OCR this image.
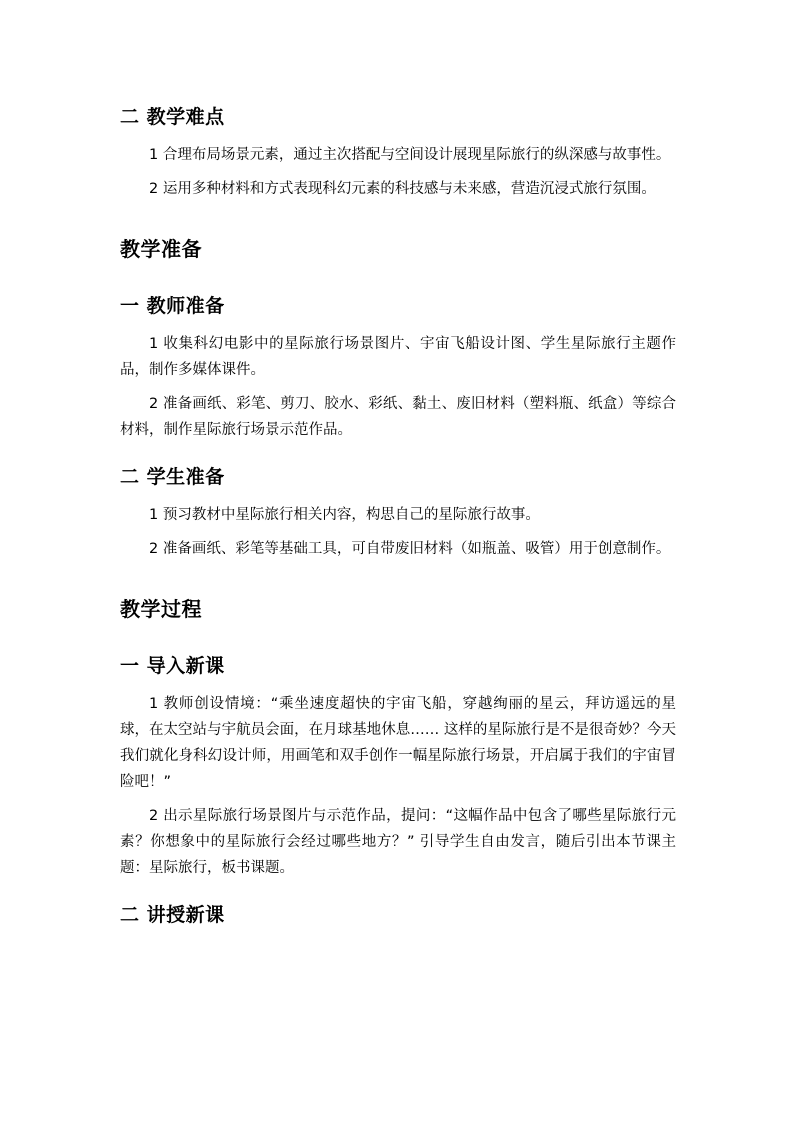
二 教学难点

1 合理布局场景元素，通过主次搭配与空间设计展现星际旅行的纵深感与故事性。

2 运用多种材料和方式表现科幻元素的科技感与未来感，营造沉浸式旅行氛围。

教学准备
一 教师准备

1 收集科幻电影中的星际旅行场景图片、宇宙飞船设计图、学生星际旅行主题作品，制作多媒体课件。

2 准备画纸、彩笔、剪刀、胶水、彩纸、黏土、废旧材料（塑料瓶、纸盒）等综合材料，制作星际旅行场景示范作品。

二 学生准备

1 预习教材中星际旅行相关内容，构思自己的星际旅行故事。

2 准备画纸、彩笔等基础工具，可自带废旧材料（如瓶盖、吸管）用于创意制作。

教学过程
一 导入新课

1 教师创设情境：“乘坐速度超快的宇宙飞船，穿越绚丽的星云，拜访遥远的星球，在太空站与宇航员会面，在月球基地休息…… 这样的星际旅行是不是很奇妙？今天我们就化身科幻设计师，用画笔和双手创作一幅星际旅行场景，开启属于我们的宇宙冒险吧！”

2 出示星际旅行场景图片与示范作品，提问：“这幅作品中包含了哪些星际旅行元素？你想象中的星际旅行会经过哪些地方？” 引导学生自由发言，随后引出本节课主题：星际旅行，板书课题。

二 讲授新课
